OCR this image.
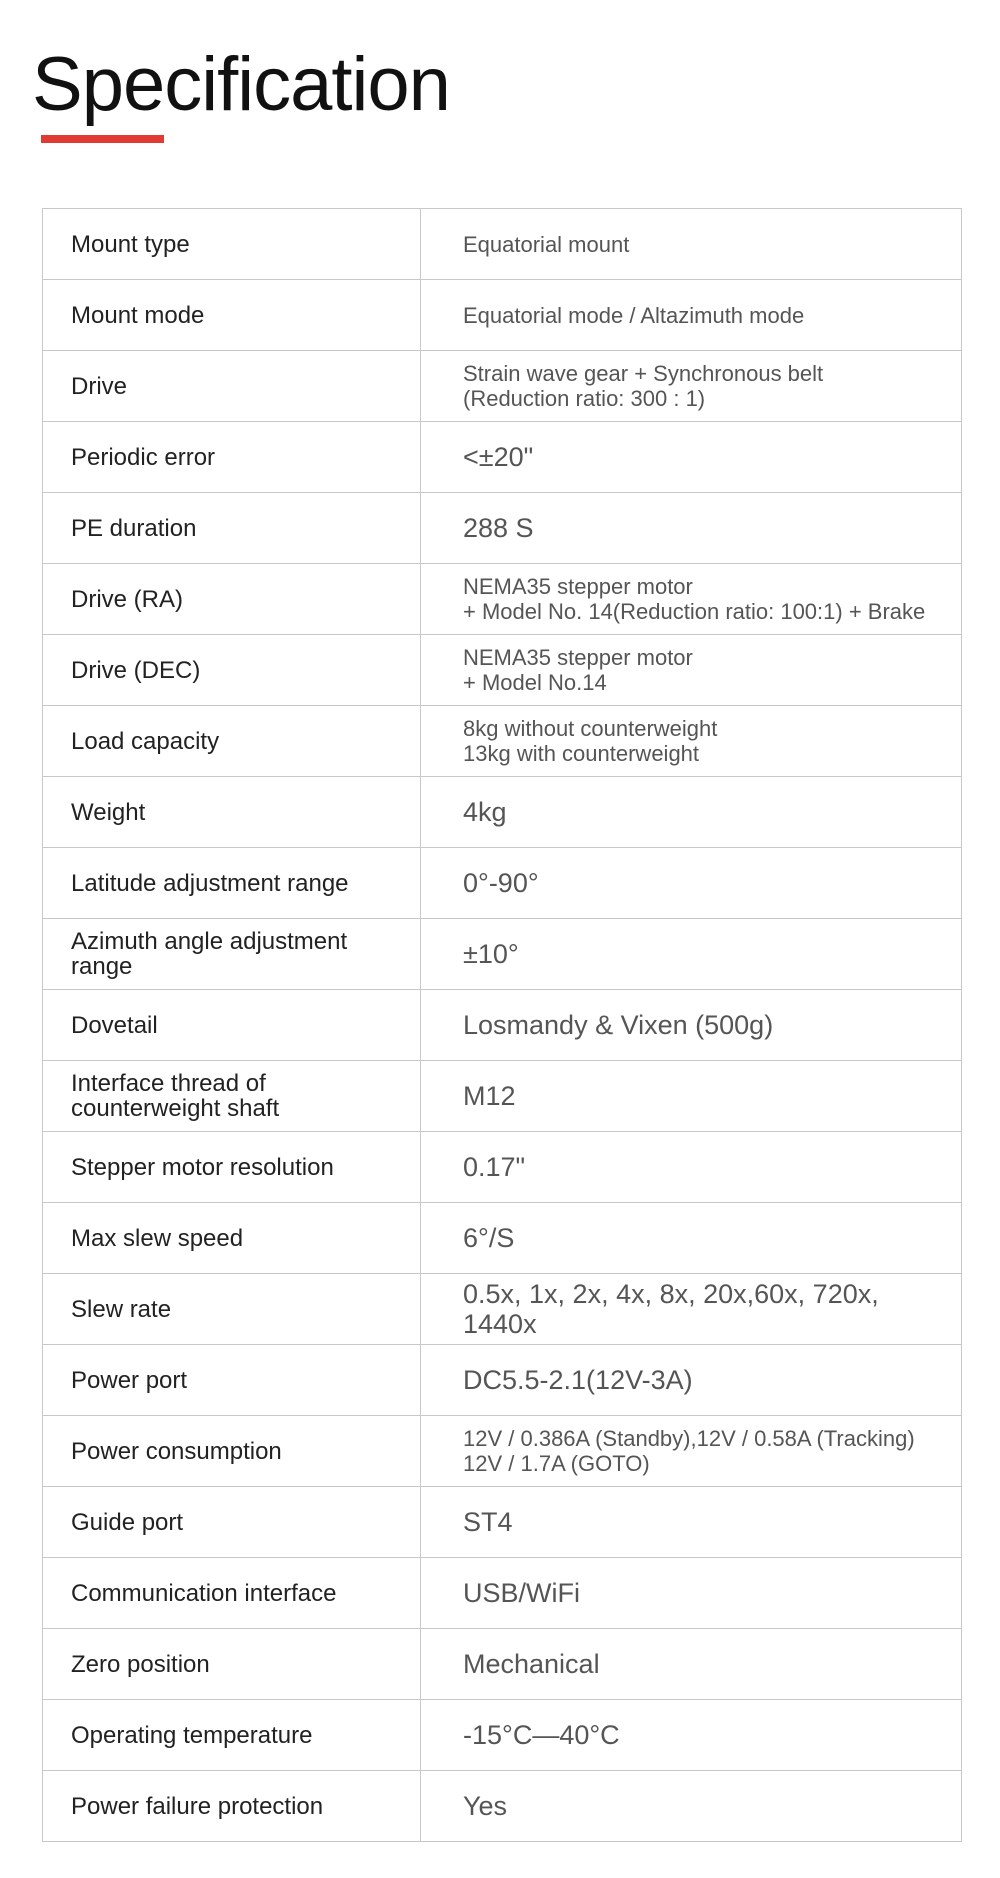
Specification
Mount type	Equatorial mount

Mount mode	Equatorial mode / Altazimuth mode

Drive	Strain wave gear + Synchronous belt
(Reduction ratio: 300 : 1)

Periodic error	<±20"

PE duration	288 S

Drive (RA)	NEMA35 stepper motor
+ Model No. 14(Reduction ratio: 100:1) + Brake

Drive (DEC)	NEMA35 stepper motor
+ Model No.14

Load capacity	8kg without counterweight
13kg with counterweight

Weight	4kg

Latitude adjustment range	0°-90°

Azimuth angle adjustment range	±10°

Dovetail	Losmandy & Vixen (500g)

Interface thread of counterweight shaft	M12

Stepper motor resolution	0.17"

Max slew speed	6°/S

Slew rate	0.5x, 1x, 2x, 4x, 8x, 20x,60x, 720x, 1440x

Power port	DC5.5-2.1(12V-3A)

Power consumption	12V / 0.386A (Standby),12V / 0.58A (Tracking)
12V / 1.7A (GOTO)

Guide port	ST4

Communication interface	USB/WiFi

Zero position	Mechanical

Operating temperature	-15°C—40°C

Power failure protection	Yes
